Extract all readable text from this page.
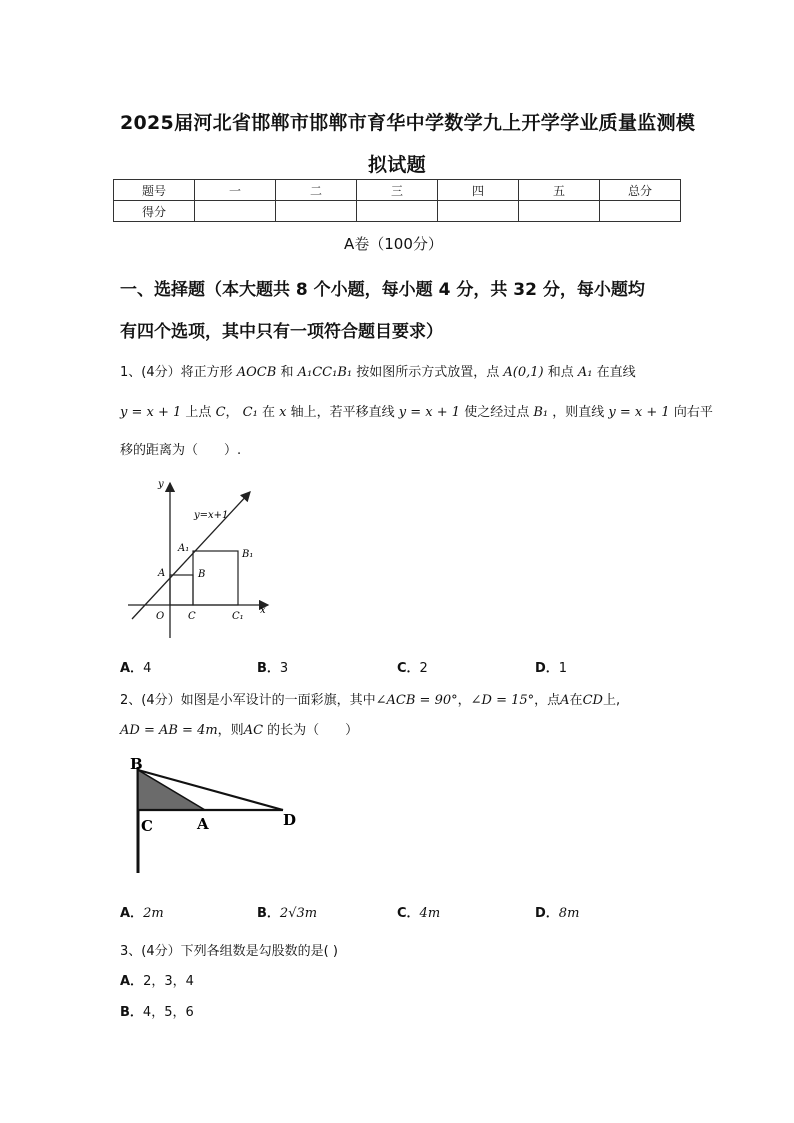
2025届河北省邯郸市邯郸市育华中学数学九上开学学业质量监测模
拟试题
题号	一	二	三	四	五	总分
得分						
A卷（100分）
一、选择题（本大题共 8 个小题，每小题 4 分，共 32 分，每小题均
有四个选项，其中只有一项符合题目要求）
1、(4分）将正方形 AOCB 和 A₁CC₁B₁ 按如图所示方式放置，点 A(0,1) 和点 A₁ 在直线
y = x + 1 上点 C， C₁ 在 x 轴上，若平移直线 y = x + 1 使之经过点 B₁ ，则直线 y = x + 1 向右平
移的距离为（　　）.
y
x
y=x+1
A₁
B₁
A	B
O C	C₁
A．4	B．3	C．2	D．1
2、(4分）如图是小军设计的一面彩旗，其中∠ACB = 90°，∠D = 15°，点A在CD上,
AD = AB = 4m，则AC 的长为（　　）
B
C	A	D
A．2m	B．2√3m	C．4m	D．8m
3、(4分）下列各组数是勾股数的是( )
A．2，3，4
B．4，5，6
